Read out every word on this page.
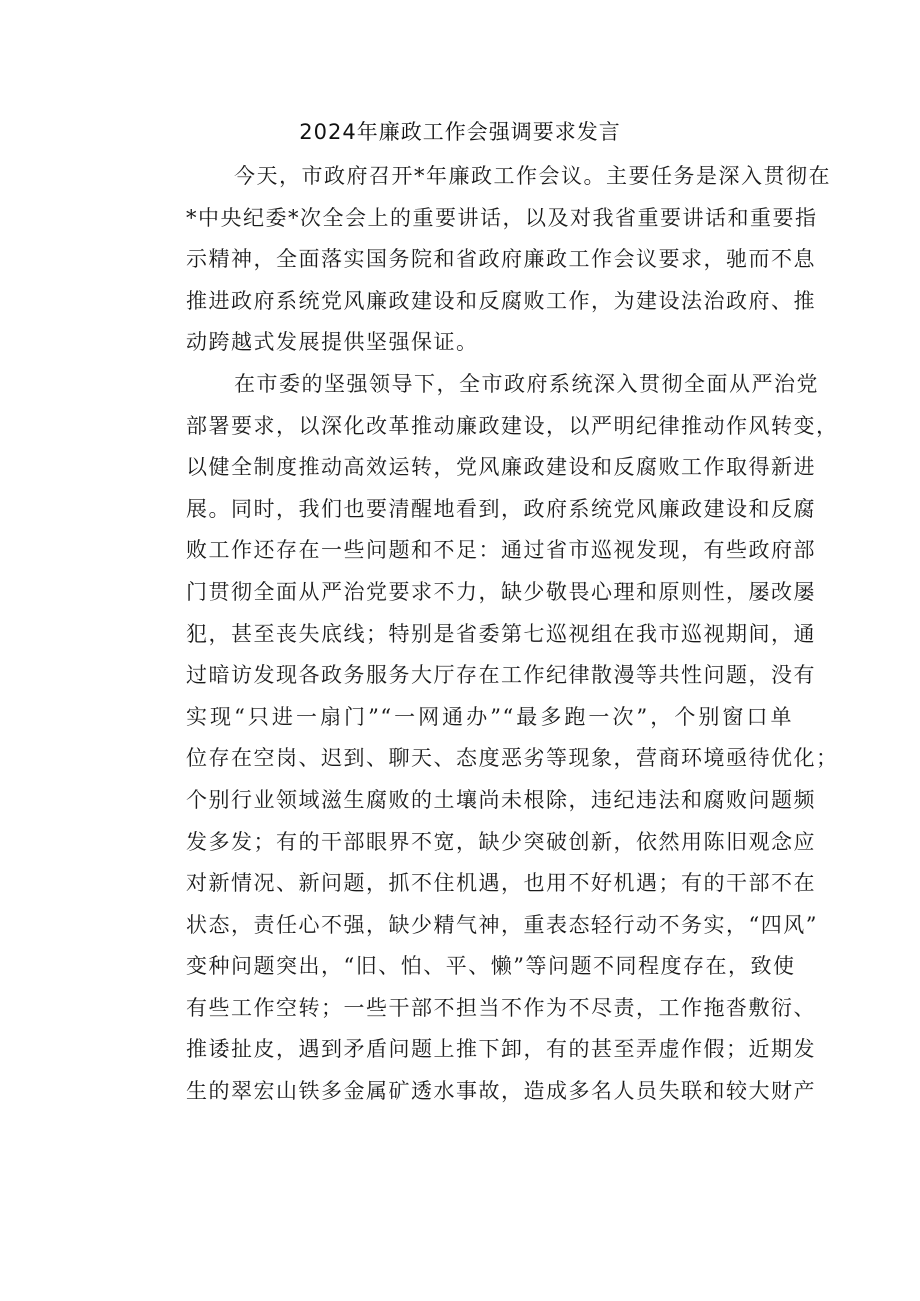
2024年廉政工作会强调要求发言
今天，市政府召开*年廉政工作会议。主要任务是深入贯彻在
*中央纪委*次全会上的重要讲话，以及对我省重要讲话和重要指
示精神，全面落实国务院和省政府廉政工作会议要求，驰而不息
推进政府系统党风廉政建设和反腐败工作，为建设法治政府、推
动跨越式发展提供坚强保证。
在市委的坚强领导下，全市政府系统深入贯彻全面从严治党
部署要求，以深化改革推动廉政建设，以严明纪律推动作风转变，
以健全制度推动高效运转，党风廉政建设和反腐败工作取得新进
展。同时，我们也要清醒地看到，政府系统党风廉政建设和反腐
败工作还存在一些问题和不足：通过省市巡视发现，有些政府部
门贯彻全面从严治党要求不力，缺少敬畏心理和原则性，屡改屡
犯，甚至丧失底线；特别是省委第七巡视组在我市巡视期间，通
过暗访发现各政务服务大厅存在工作纪律散漫等共性问题，没有
实现“只进一扇门”“一网通办”“最多跑一次”，个别窗口单
位存在空岗、迟到、聊天、态度恶劣等现象，营商环境亟待优化；
个别行业领域滋生腐败的土壤尚未根除，违纪违法和腐败问题频
发多发；有的干部眼界不宽，缺少突破创新，依然用陈旧观念应
对新情况、新问题，抓不住机遇，也用不好机遇；有的干部不在
状态，责任心不强，缺少精气神，重表态轻行动不务实，“四风”
变种问题突出，“旧、怕、平、懒”等问题不同程度存在，致使
有些工作空转；一些干部不担当不作为不尽责，工作拖沓敷衍、
推诿扯皮，遇到矛盾问题上推下卸，有的甚至弄虚作假；近期发
生的翠宏山铁多金属矿透水事故，造成多名人员失联和较大财产
